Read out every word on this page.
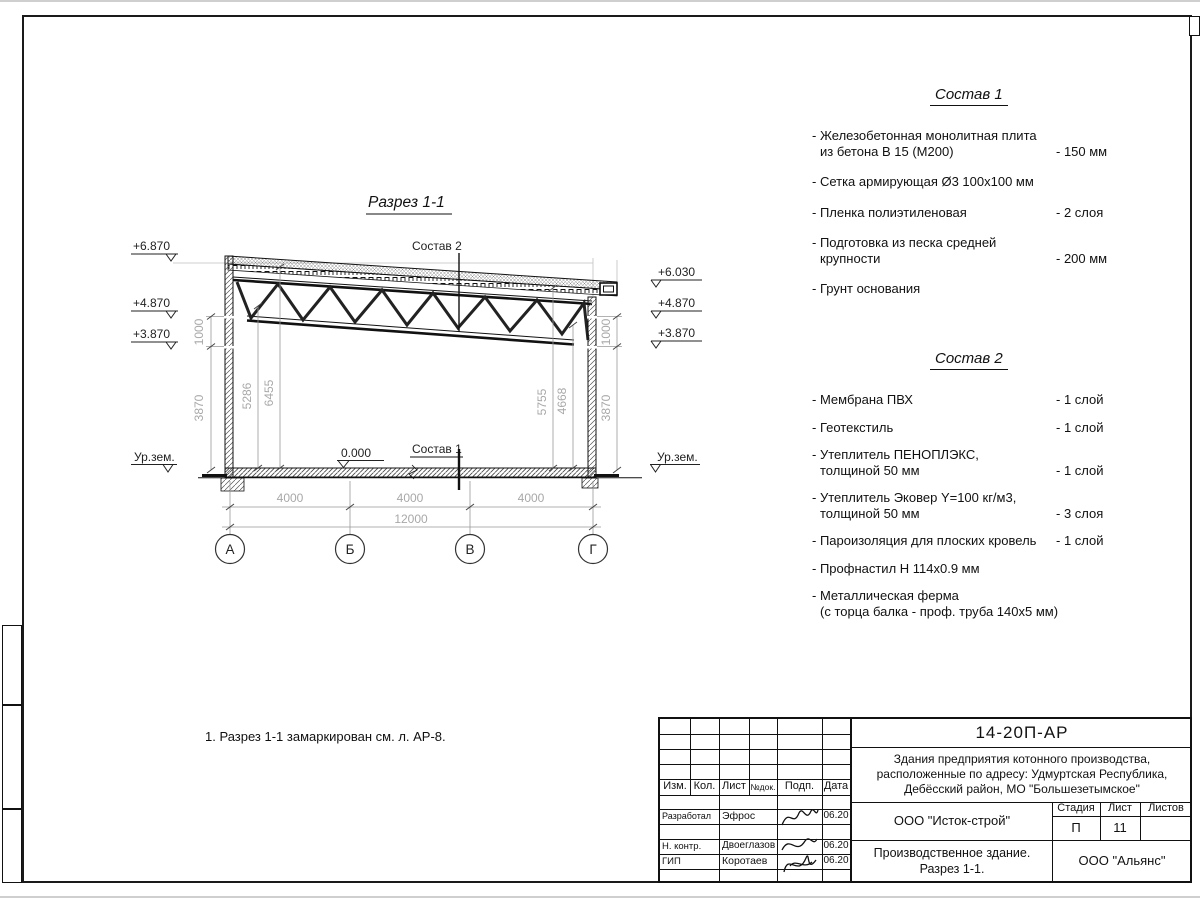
+6.870
+4.870
+3.870
Ур.зем.
+6.030
+4.870
+3.870
Ур.зем.
0.000
Состав 2
Состав 1
1000
3870	5286 6455	5755 4668
1000
3870
4000	4000	4000
12000
А	Б	В	Г
Разрез 1-1
Состав 1
- Железобетонная монолитная плита
из бетона В 15 (М200)	- 150 мм
- Сетка армирующая Ø3 100х100 мм
- Пленка полиэтиленовая	- 2 слоя
- Подготовка из песка средней
крупности	- 200 мм
- Грунт основания
Состав 2
- Мембрана ПВХ	- 1 слой
- Геотекстиль	- 1 слой
- Утеплитель ПЕНОПЛЭКС,
толщиной 50 мм	- 1 слой
- Утеплитель Эковер Y=100 кг/м3,
толщиной 50 мм	- 3 слоя
- Пароизоляция для плоских кровель	- 1 слой
- Профнастил Н 114х0.9 мм
- Металлическая ферма
(с торца балка - проф. труба 140х5 мм)
1. Разрез 1-1 замаркирован см. л. АР-8.
Изм. Кол. Лист №док. Подп. Дата
Разработал	Эфрос	06.20
Н. контр.	Двоеглазов	06.20
ГИП	Коротаев	06.20
14-20П-АР
Здания предприятия котонного производства,
расположенные по адресу: Удмуртская Республика,
Дебёсский район, МО "Большезетымское"
ООО "Исток-строй"
Стадия	Лист	Листов
П	11
Производственное здание.
Разрез 1-1.
ООО "Альянс"
